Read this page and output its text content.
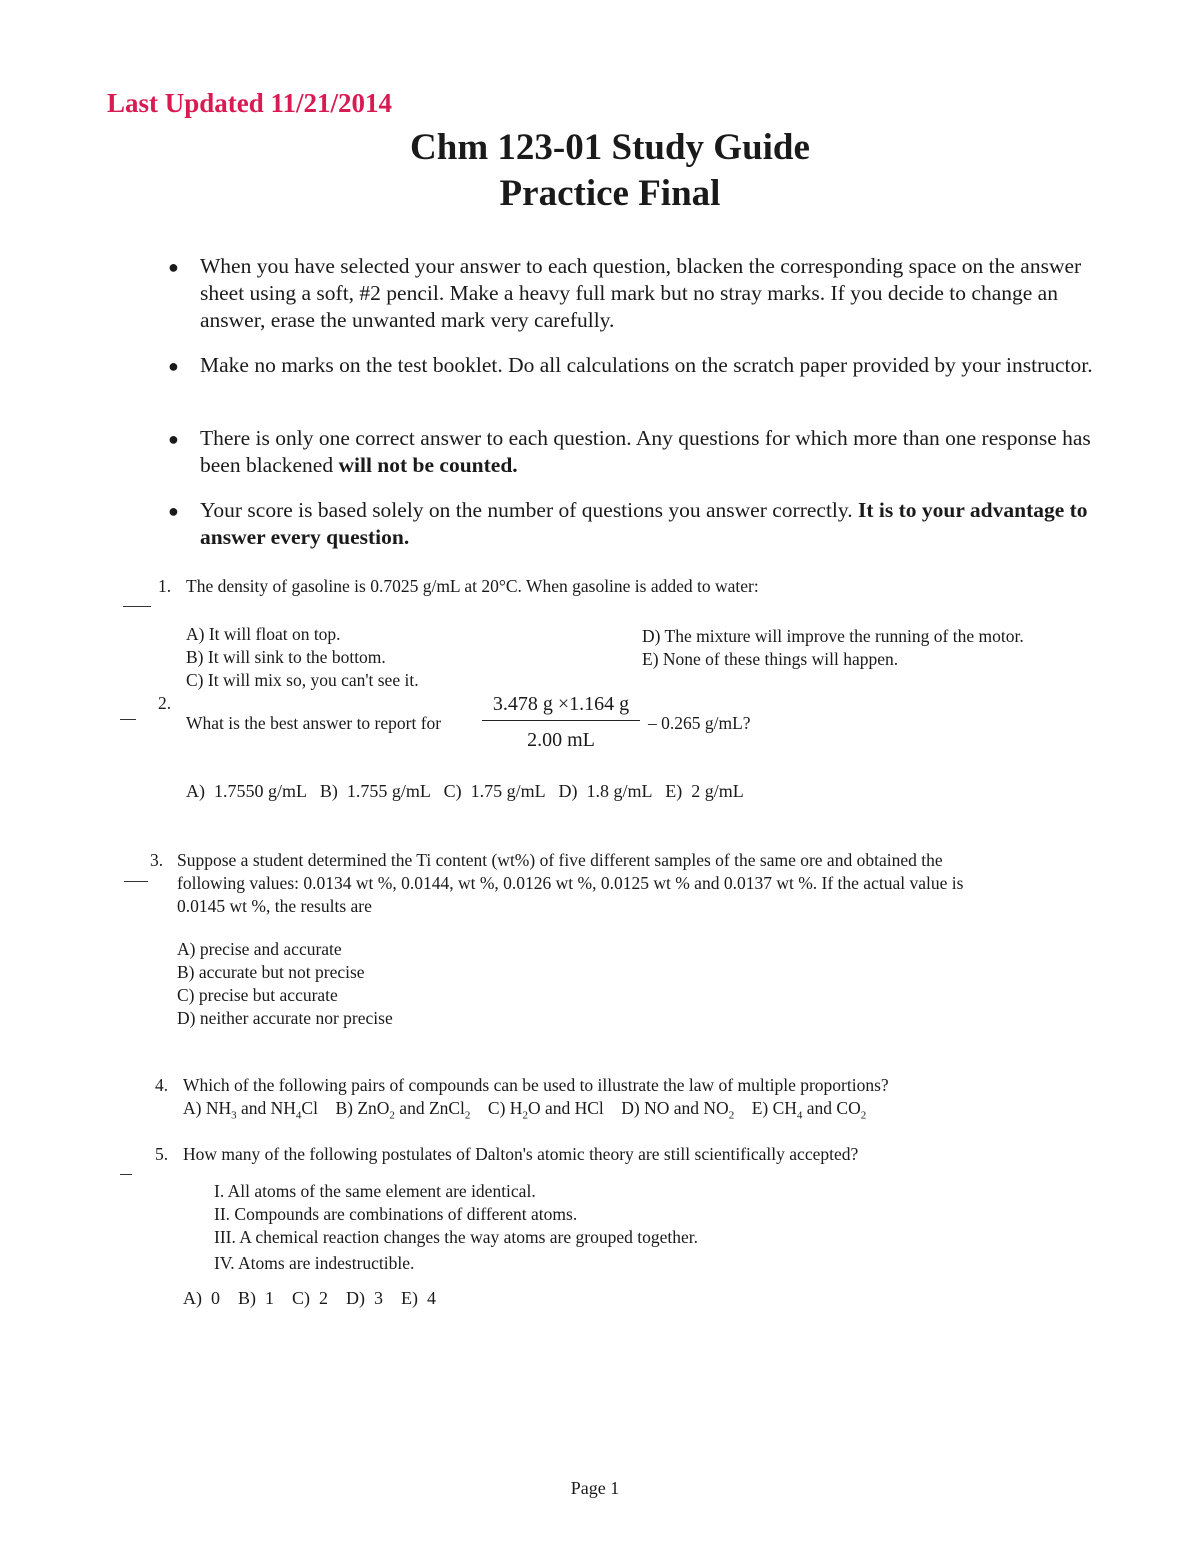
Last Updated 11/21/2014
Chm 123-01 Study Guide
Practice Final
● When you have selected your answer to each question, blacken the corresponding space on the answer sheet using a soft, #2 pencil. Make a heavy full mark but no stray marks. If you decide to change an answer, erase the unwanted mark very carefully.
● Make no marks on the test booklet. Do all calculations on the scratch paper provided by your instructor.
● There is only one correct answer to each question. Any questions for which more than one response has been blackened will not be counted.
● Your score is based solely on the number of questions you answer correctly. It is to your advantage to answer every question.
1. The density of gasoline is 0.7025 g/mL at 20°C. When gasoline is added to water:
A) It will float on top.
B) It will sink to the bottom.
C) It will mix so, you can't see it.
D) The mixture will improve the running of the motor.
E) None of these things will happen.
2.
What is the best answer to report for
3.478 g ×1.164 g
2.00 mL
– 0.265 g/mL?
A)  1.7550 g/mL   B)  1.755 g/mL   C)  1.75 g/mL   D)  1.8 g/mL   E)  2 g/mL
3. Suppose a student determined the Ti content (wt%) of five different samples of the same ore and obtained the
following values: 0.0134 wt %, 0.0144, wt %, 0.0126 wt %, 0.0125 wt % and 0.0137 wt %. If the actual value is
0.0145 wt %, the results are
A) precise and accurate
B) accurate but not precise
C) precise but accurate
D) neither accurate nor precise
4. Which of the following pairs of compounds can be used to illustrate the law of multiple proportions?
A) $NH_3$ and $NH_4Cl$ B) ZnO$_2$ and ZnCl$_2$ C) $H_2O$ and HCl D) NO and $NO_2$ E) $CH_4$ and $CO_2$
5. How many of the following postulates of Dalton's atomic theory are still scientifically accepted?
I. All atoms of the same element are identical.
II. Compounds are combinations of different atoms.
III. A chemical reaction changes the way atoms are grouped together.
IV. Atoms are indestructible.
A)  0    B)  1    C)  2    D)  3    E)  4
Page 1
